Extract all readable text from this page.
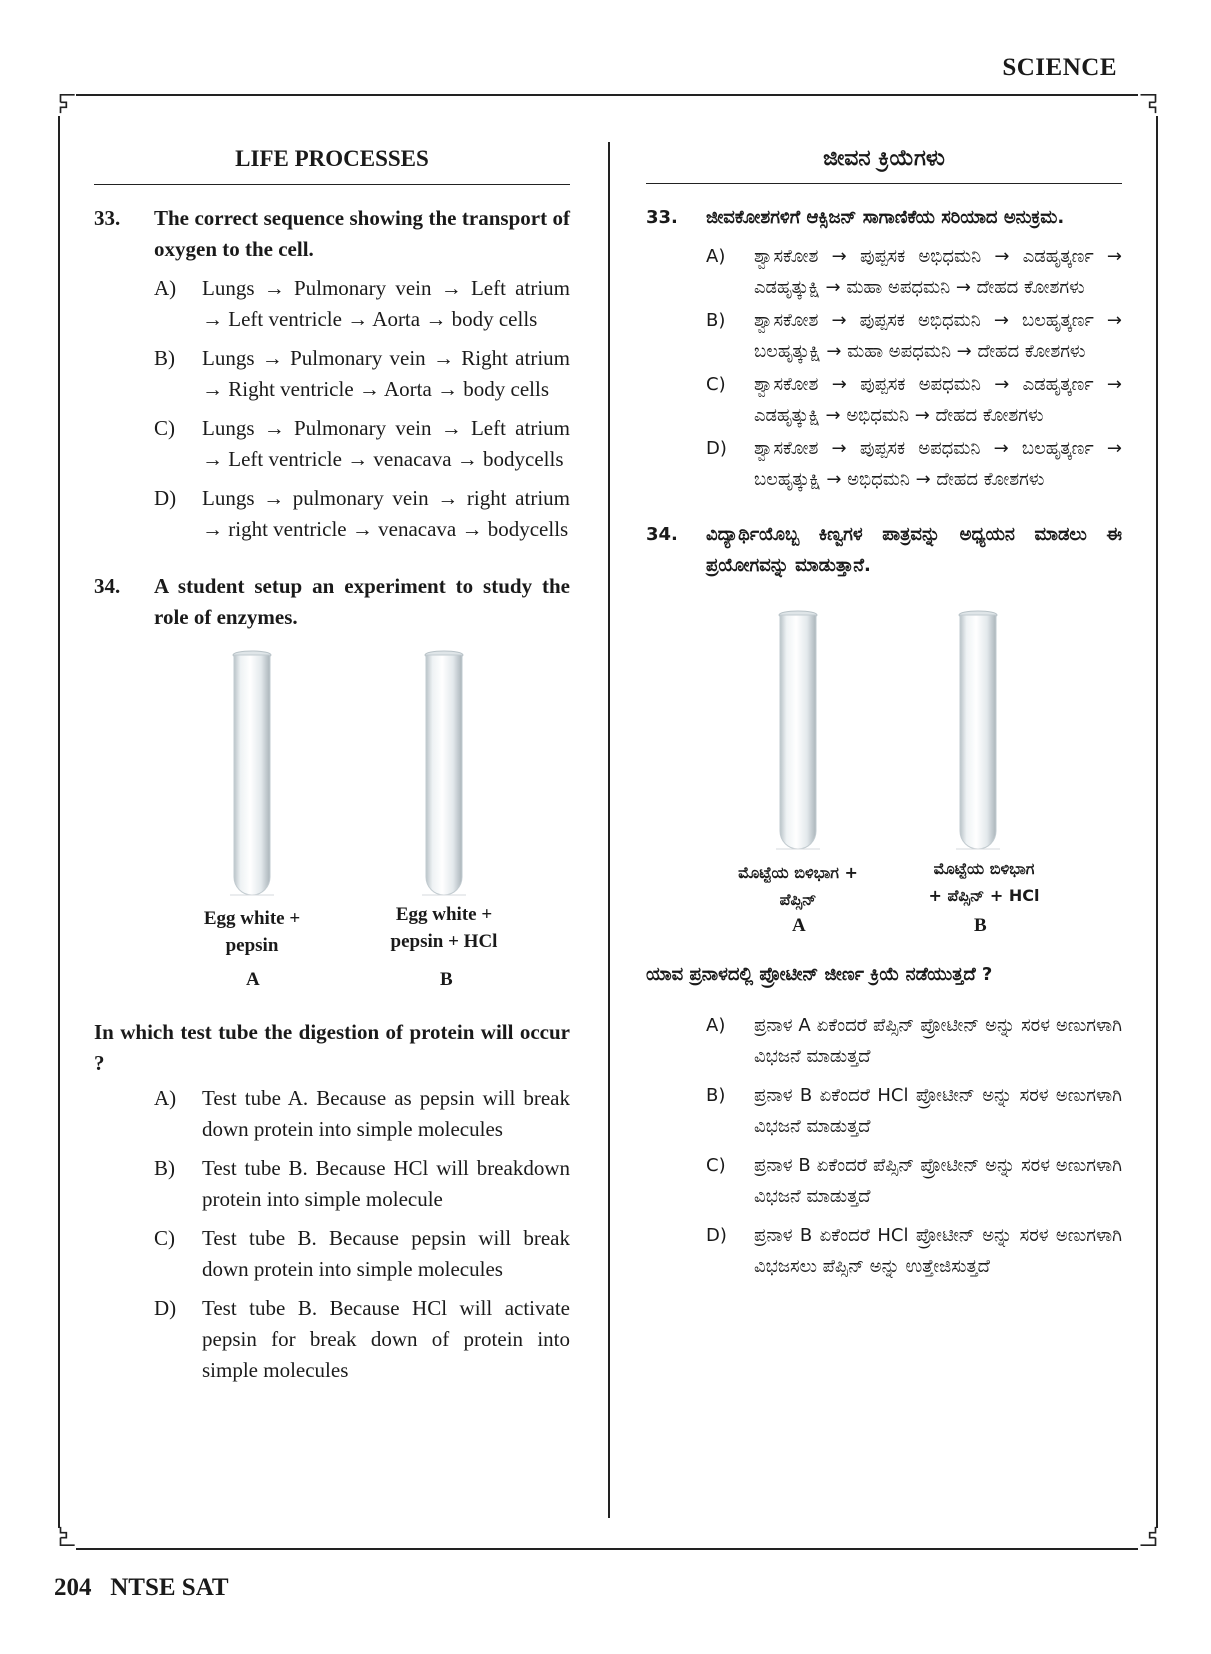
SCIENCE
LIFE PROCESSES
33.	The correct sequence showing the transport of oxygen to the cell.
A)	Lungs → Pulmonary vein → Left atrium → Left ventricle → Aorta → body cells
B)	Lungs → Pulmonary vein → Right atrium → Right ventricle → Aorta → body cells
C)	Lungs → Pulmonary vein → Left atrium → Left ventricle → venacava → bodycells
D)	Lungs → pulmonary vein → right atrium → right ventricle → venacava → bodycells
34.	A student setup an experiment to study the role of enzymes.
Egg white +
pepsin
Egg white +
pepsin + HCl
A	B
In which test tube the digestion of protein will occur ?
A)	Test tube A. Because as pepsin will break down protein into simple molecules
B)	Test tube B. Because HCl will breakdown protein into simple molecule
C)	Test tube B. Because pepsin will break down protein into simple molecules
D)	Test tube B. Because HCl will activate pepsin for break down of protein into simple molecules
ಜೀವನ ಕ್ರಿಯೆಗಳು
33.	ಜೀವಕೋಶಗಳಿಗೆ ಆಕ್ಸಿಜನ್ ಸಾಗಾಣಿಕೆಯ ಸರಿಯಾದ ಅನುಕ್ರಮ.
A)	ಶ್ವಾಸಕೋಶ → ಪುಪ್ಪಸಕ ಅಭಿಧಮನಿ → ಎಡಹೃತ್ಕರ್ಣ → ಎಡಹೃತ್ಕುಕ್ಷಿ → ಮಹಾ ಅಪಧಮನಿ → ದೇಹದ ಕೋಶಗಳು
B)	ಶ್ವಾಸಕೋಶ → ಪುಪ್ಪಸಕ ಅಭಿಧಮನಿ → ಬಲಹೃತ್ಕರ್ಣ → ಬಲಹೃತ್ಕುಕ್ಷಿ → ಮಹಾ ಅಪಧಮನಿ → ದೇಹದ ಕೋಶಗಳು
C)	ಶ್ವಾಸಕೋಶ → ಪುಪ್ಪಸಕ ಅಪಧಮನಿ → ಎಡಹೃತ್ಕರ್ಣ → ಎಡಹೃತ್ಕುಕ್ಷಿ → ಅಭಿಧಮನಿ → ದೇಹದ ಕೋಶಗಳು
D)	ಶ್ವಾಸಕೋಶ → ಪುಪ್ಪಸಕ ಅಪಧಮನಿ → ಬಲಹೃತ್ಕರ್ಣ → ಬಲಹೃತ್ಕುಕ್ಷಿ → ಅಭಿಧಮನಿ → ದೇಹದ ಕೋಶಗಳು
34.	ವಿದ್ಯಾರ್ಥಿಯೊಬ್ಬ ಕಿಣ್ವಗಳ ಪಾತ್ರವನ್ನು ಅಧ್ಯಯನ ಮಾಡಲು ಈ ಪ್ರಯೋಗವನ್ನು ಮಾಡುತ್ತಾನೆ.
ಮೊಟ್ಟೆಯ ಬಿಳಿಭಾಗ +
ಪೆಪ್ಸಿನ್
ಮೊಟ್ಟೆಯ ಬಿಳಿಭಾಗ
+ ಪೆಪ್ಸಿನ್ + HCl
A	B
ಯಾವ ಪ್ರನಾಳದಲ್ಲಿ ಪ್ರೋಟೀನ್ ಜೀರ್ಣ ಕ್ರಿಯೆ ನಡೆಯುತ್ತದೆ ?
A)	ಪ್ರನಾಳ A ಏಕೆಂದರೆ ಪೆಪ್ಸಿನ್ ಪ್ರೋಟೀನ್ ಅನ್ನು ಸರಳ ಅಣುಗಳಾಗಿ ವಿಭಜನೆ ಮಾಡುತ್ತದೆ
B)	ಪ್ರನಾಳ B ಏಕೆಂದರೆ HCl ಪ್ರೋಟೀನ್ ಅನ್ನು ಸರಳ ಅಣುಗಳಾಗಿ ವಿಭಜನೆ ಮಾಡುತ್ತದೆ
C)	ಪ್ರನಾಳ B ಏಕೆಂದರೆ ಪೆಪ್ಸಿನ್ ಪ್ರೋಟೀನ್ ಅನ್ನು ಸರಳ ಅಣುಗಳಾಗಿ ವಿಭಜನೆ ಮಾಡುತ್ತದೆ
D)	ಪ್ರನಾಳ B ಏಕೆಂದರೆ HCl ಪ್ರೋಟೀನ್ ಅನ್ನು ಸರಳ ಅಣುಗಳಾಗಿ ವಿಭಜಸಲು ಪೆಪ್ಸಿನ್ ಅನ್ನು ಉತ್ತೇಜಿಸುತ್ತದೆ
204 NTSE SAT
